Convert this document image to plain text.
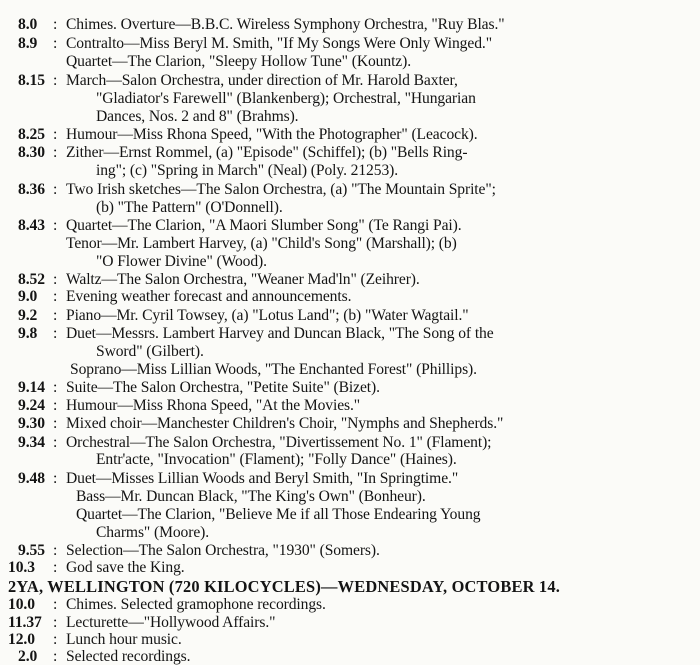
8.0 : Chimes. Overture—B.B.C. Wireless Symphony Orchestra, "Ruy Blas."
8.9 : Contralto—Miss Beryl M. Smith, "If My Songs Were Only Winged."
Quartet—The Clarion, "Sleepy Hollow Tune" (Kountz).
8.15 : March—Salon Orchestra, under direction of Mr. Harold Baxter,
"Gladiator's Farewell" (Blankenberg); Orchestral, "Hungarian
Dances, Nos. 2 and 8" (Brahms).
8.25 : Humour—Miss Rhona Speed, "With the Photographer" (Leacock).
8.30 : Zither—Ernst Rommel, (a) "Episode" (Schiffel); (b) "Bells Ring-
ing"; (c) "Spring in March" (Neal) (Poly. 21253).
8.36 : Two Irish sketches—The Salon Orchestra, (a) "The Mountain Sprite";
(b) "The Pattern" (O'Donnell).
8.43 : Quartet—The Clarion, "A Maori Slumber Song" (Te Rangi Pai).
Tenor—Mr. Lambert Harvey, (a) "Child's Song" (Marshall); (b)
"O Flower Divine" (Wood).
8.52 : Waltz—The Salon Orchestra, "Weaner Mad'ln" (Zeihrer).
9.0 : Evening weather forecast and announcements.
9.2 : Piano—Mr. Cyril Towsey, (a) "Lotus Land"; (b) "Water Wagtail."
9.8 : Duet—Messrs. Lambert Harvey and Duncan Black, "The Song of the
Sword" (Gilbert).
Soprano—Miss Lillian Woods, "The Enchanted Forest" (Phillips).
9.14 : Suite—The Salon Orchestra, "Petite Suite" (Bizet).
9.24 : Humour—Miss Rhona Speed, "At the Movies."
9.30 : Mixed choir—Manchester Children's Choir, "Nymphs and Shepherds."
9.34 : Orchestral—The Salon Orchestra, "Divertissement No. 1" (Flament);
Entr'acte, "Invocation" (Flament); "Folly Dance" (Haines).
9.48 : Duet—Misses Lillian Woods and Beryl Smith, "In Springtime."
Bass—Mr. Duncan Black, "The King's Own" (Bonheur).
Quartet—The Clarion, "Believe Me if all Those Endearing Young
Charms" (Moore).
9.55 : Selection—The Salon Orchestra, "1930" (Somers).
10.3 : God save the King.
2YA, WELLINGTON (720 KILOCYCLES)—WEDNESDAY, OCTOBER 14.
10.0 : Chimes. Selected gramophone recordings.
11.37 : Lecturette—"Hollywood Affairs."
12.0 : Lunch hour music.
2.0 : Selected recordings.
